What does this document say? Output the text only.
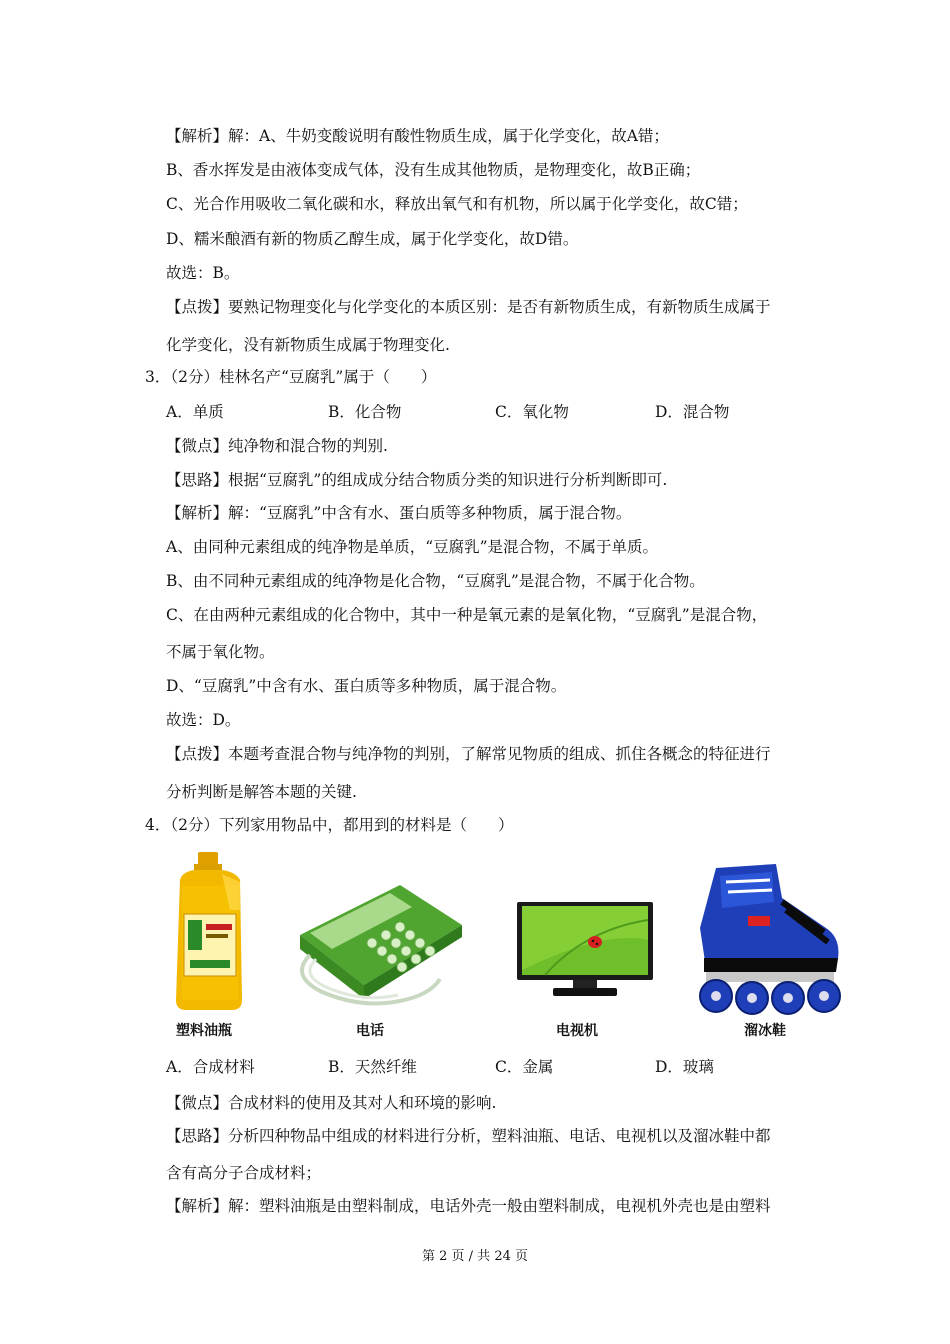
【解析】解：A、牛奶变酸说明有酸性物质生成，属于化学变化，故A错；
B、香水挥发是由液体变成气体，没有生成其他物质，是物理变化，故B正确；
C、光合作用吸收二氧化碳和水，释放出氧气和有机物，所以属于化学变化，故C错；
D、糯米酿酒有新的物质乙醇生成，属于化学变化，故D错。
故选：B。
【点拨】要熟记物理变化与化学变化的本质区别：是否有新物质生成，有新物质生成属于
化学变化，没有新物质生成属于物理变化.
3．（2分）桂林名产“豆腐乳”属于（　　）
A．单质	B．化合物	C．氧化物	D．混合物
【微点】纯净物和混合物的判别.
【思路】根据“豆腐乳”的组成成分结合物质分类的知识进行分析判断即可.
【解析】解：“豆腐乳”中含有水、蛋白质等多种物质，属于混合物。
A、由同种元素组成的纯净物是单质，“豆腐乳”是混合物，不属于单质。
B、由不同种元素组成的纯净物是化合物，“豆腐乳”是混合物，不属于化合物。
C、在由两种元素组成的化合物中，其中一种是氧元素的是氧化物，“豆腐乳”是混合物，
不属于氧化物。
D、“豆腐乳”中含有水、蛋白质等多种物质，属于混合物。
故选：D。
【点拨】本题考查混合物与纯净物的判别，了解常见物质的组成、抓住各概念的特征进行
分析判断是解答本题的关键.
4．（2分）下列家用物品中，都用到的材料是（　　）
塑料油瓶	电话	电视机	溜冰鞋
A．合成材料	B．天然纤维	C．金属	D．玻璃
【微点】合成材料的使用及其对人和环境的影响.
【思路】分析四种物品中组成的材料进行分析，塑料油瓶、电话、电视机以及溜冰鞋中都
含有高分子合成材料；
【解析】解：塑料油瓶是由塑料制成，电话外壳一般由塑料制成，电视机外壳也是由塑料
第 2 页 / 共 24 页
